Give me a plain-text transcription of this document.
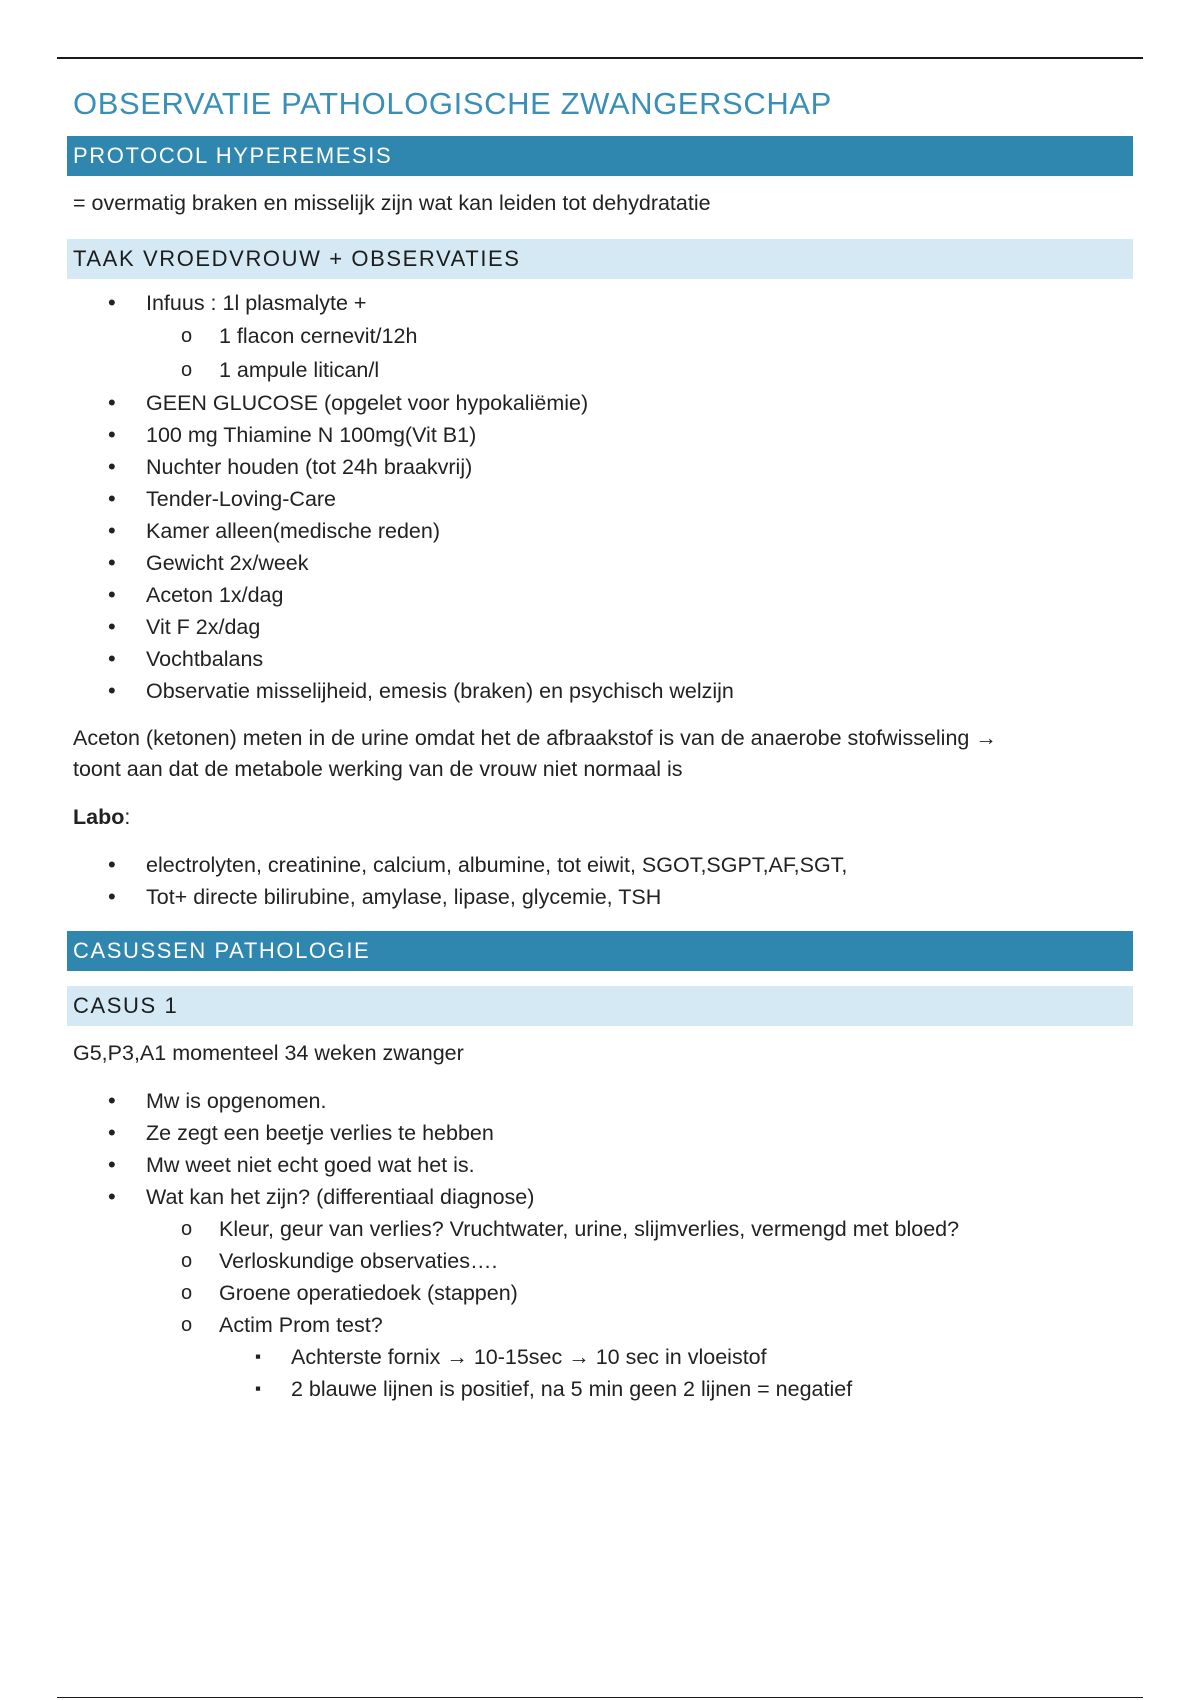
OBSERVATIE PATHOLOGISCHE ZWANGERSCHAP
PROTOCOL HYPEREMESIS

= overmatig braken en misselijk zijn wat kan leiden tot dehydratatie

TAAK VROEDVROUW + OBSERVATIES
• Infuus : 1l plasmalyte +
o 1 flacon cernevit/12h
o 1 ampule litican/l
• GEEN GLUCOSE (opgelet voor hypokaliëmie)
• 100 mg Thiamine N 100mg(Vit B1)
• Nuchter houden (tot 24h braakvrij)
• Tender-Loving-Care
• Kamer alleen(medische reden)
• Gewicht 2x/week
• Aceton 1x/dag
• Vit F 2x/dag
• Vochtbalans
• Observatie misselijheid, emesis (braken) en psychisch welzijn

Aceton (ketonen) meten in de urine omdat het de afbraakstof is van de anaerobe stofwisseling →

toont aan dat de metabole werking van de vrouw niet normaal is

Labo:

• electrolyten, creatinine, calcium, albumine, tot eiwit, SGOT,SGPT,AF,SGT,
• Tot+ directe bilirubine, amylase, lipase, glycemie, TSH
CASUSSEN PATHOLOGIE
CASUS 1

G5,P3,A1 momenteel 34 weken zwanger

• Mw is opgenomen.
• Ze zegt een beetje verlies te hebben
• Mw weet niet echt goed wat het is.
• Wat kan het zijn? (differentiaal diagnose)
o Kleur, geur van verlies? Vruchtwater, urine, slijmverlies, vermengd met bloed?
o Verloskundige observaties….
o Groene operatiedoek (stappen)
o Actim Prom test?
▪ Achterste fornix → 10-15sec → 10 sec in vloeistof
▪ 2 blauwe lijnen is positief, na 5 min geen 2 lijnen = negatief
